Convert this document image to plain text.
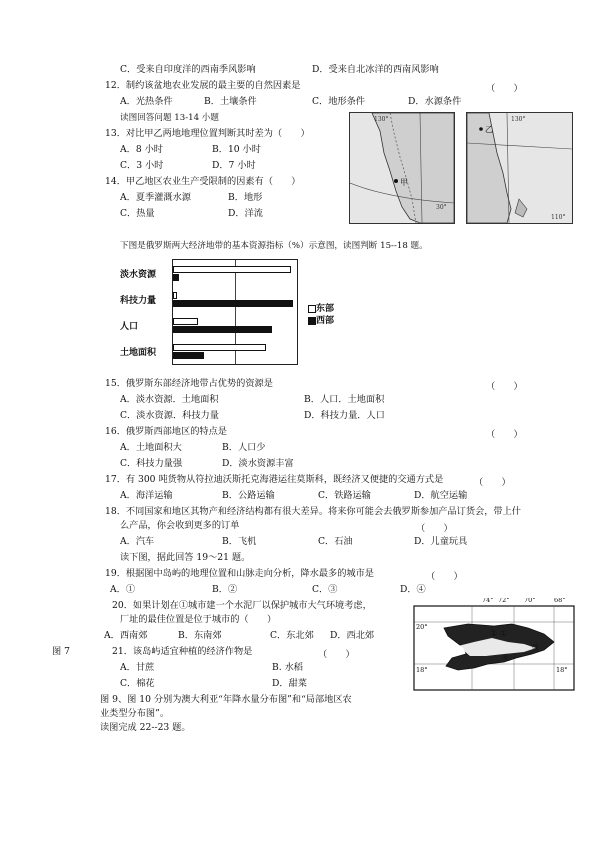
C．受来自印度洋的西南季风影响	D．受来自北冰洋的西南风影响
12．制约该盆地农业发展的最主要的自然因素是	（　　）
A．光热条件	B．土壤条件	C．地形条件	D．水源条件
读图回答问题 13-14 小题
13．对比甲乙两地地理位置判断其时差为（　　）
A．8 小时	B．10 小时
C．3 小时	D．7 小时
14．甲乙地区农业生产受限制的因素有（　　）
A．夏季灌溉水源	B．地形
C．热量	D．洋流
甲
130°
30°
乙
130°
110°
下图是俄罗斯两大经济地带的基本资源指标（%）示意图，读图判断 15--18 题。
淡水资源
科技力量
人口
土地面积
东部
西部
15．俄罗斯东部经济地带占优势的资源是	（　　）
A．淡水资源．土地面积	B．人口．土地面积
C．淡水资源．科技力量	D．科技力量．人口
16．俄罗斯西部地区的特点是	（　　）
A．土地面积大	B．人口少
C．科技力量强	D．淡水资源丰富
17．有 300 吨货物从符拉迪沃斯托克海港运往莫斯科，既经济又便捷的交通方式是	（　　）
A．海洋运输	B．公路运输	C．铁路运输	D．航空运输
18．不同国家和地区其物产和经济结构都有很大差异。将来你可能会去俄罗斯参加产品订货会，带上什
么产品，你会收到更多的订单	（　　）
A．汽车	B．飞机	C．石油	D．儿童玩具
读下图，据此回答 19～21 题。
19．根据图中岛屿的地理位置和山脉走向分析，降水最多的城市是	（　　）
A．①	B．②	C．③	D．④
20．如果计划在①城市建一个水泥厂以保护城市大气环境考虑，
厂址的最佳位置是位于城市的（　　）
A．西南郊	B．东南郊	C．东北郊 D．西北郊
图 7	21．该岛屿适宜种植的经济作物是	（　　）
A．甘蔗	B. 水稻
C．棉花	D．甜菜
图 9、图 10 分别为澳大利亚“年降水量分布图”和“局部地区农
业类型分布图”。
读图完成 22--23 题。
74° 72° 70°	68°
20°
18°	18°
② ①
③
④
